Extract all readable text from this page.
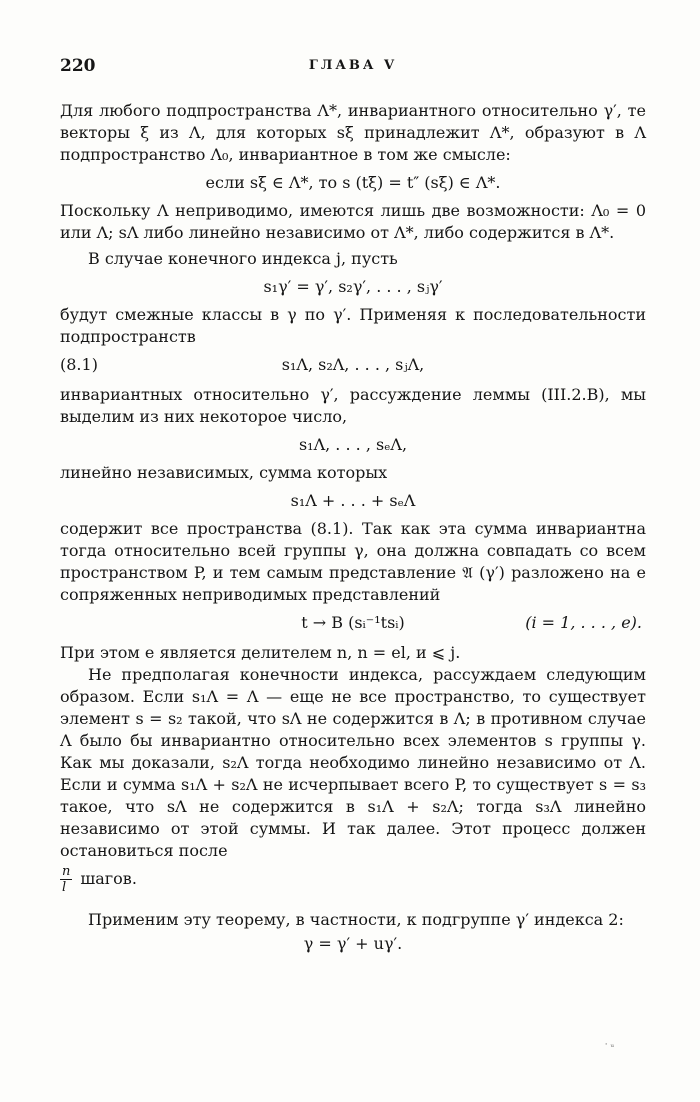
220	ГЛАВА V

Для любого подпространства Λ*, инвариантного относительно γ′, те векторы ξ из Λ, для которых sξ принадлежит Λ*, образуют в Λ подпространство Λ₀, инвариантное в том же смысле:

если sξ ∈ Λ*, то s (tξ) = t″ (sξ) ∈ Λ*.

Поскольку Λ неприводимо, имеются лишь две возможности: Λ₀ = 0 или Λ; sΛ либо линейно независимо от Λ*, либо содержится в Λ*.

В случае конечного индекса j, пусть

s₁γ′ = γ′, s₂γ′, . . . , sⱼγ′

будут смежные классы в γ по γ′. Применяя к последовательности подпространств

(8.1)	s₁Λ, s₂Λ, . . . , sⱼΛ,

инвариантных относительно γ′, рассуждение леммы (III.2.B), мы выделим из них некоторое число,

s₁Λ, . . . , sₑΛ,

линейно независимых, сумма которых

s₁Λ + . . . + sₑΛ

содержит все пространства (8.1). Так как эта сумма инвариантна тогда относительно всей группы γ, она должна совпадать со всем пространством P, и тем самым представление 𝔄 (γ′) разложено на e сопряженных неприводимых представлений

t → B (sᵢ⁻¹tsᵢ)	(i = 1, . . . , e).

При этом e является делителем n, n = el, и ⩽ j.

Не предполагая конечности индекса, рассуждаем следующим образом. Если s₁Λ = Λ — еще не все пространство, то существует элемент s = s₂ такой, что sΛ не содержится в Λ; в противном случае Λ было бы инвариантно относительно всех элементов s группы γ. Как мы доказали, s₂Λ тогда необходимо линейно независимо от Λ. Если и сумма s₁Λ + s₂Λ не исчерпывает всего P, то существует s = s₃ такое, что sΛ не содержится в s₁Λ + s₂Λ; тогда s₃Λ линейно независимо от этой суммы. И так далее. Этот процесс должен остановиться после

$\frac{n}{l}$ шагов.

Применим эту теорему, в частности, к подгруппе γ′ индекса 2:

γ = γ′ + uγ′.
· ᵤ
